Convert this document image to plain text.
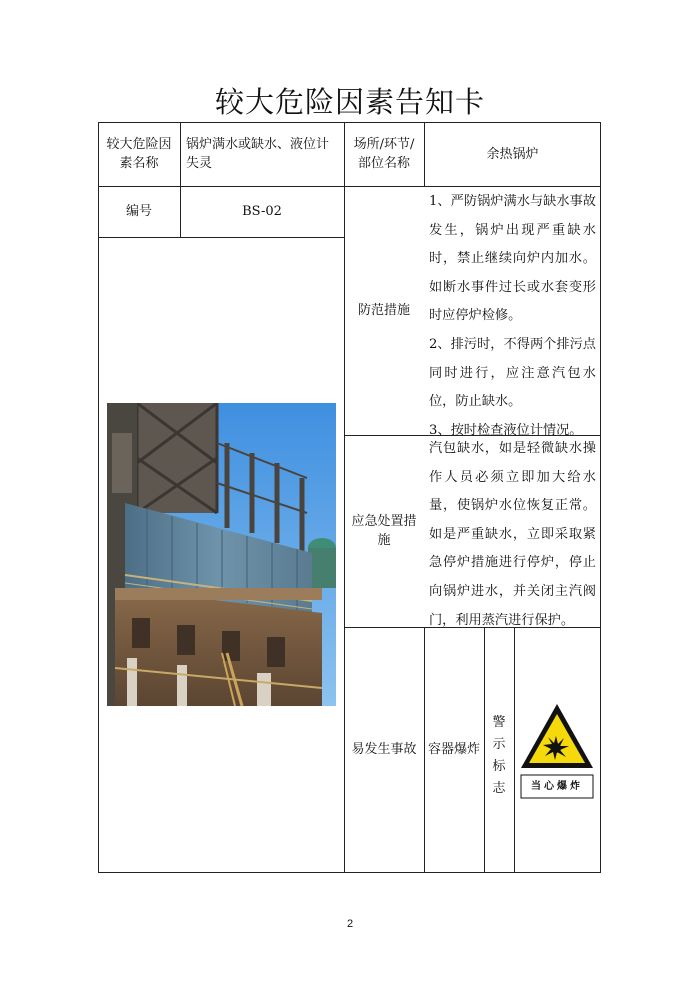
较大危险因素告知卡
较大危险因素名称
锅炉满水或缺水、液位计失灵
场所/环节/部位名称
余热锅炉
编号	BS-02
防范措施

1、严防锅炉满水与缺水事故发生，锅炉出现严重缺水时，禁止继续向炉内加水。如断水事件过长或水套变形时应停炉检修。

2、排污时，不得两个排污点同时进行，应注意汽包水位，防止缺水。

3、按时检查液位计情况。

应急处置措施

汽包缺水，如是轻微缺水操作人员必须立即加大给水量，使锅炉水位恢复正常。如是严重缺水，立即采取紧急停炉措施进行停炉，停止向锅炉进水，并关闭主汽阀门，利用蒸汽进行保护。

易发生事故 容器爆炸
警示标志	当心爆炸
2
